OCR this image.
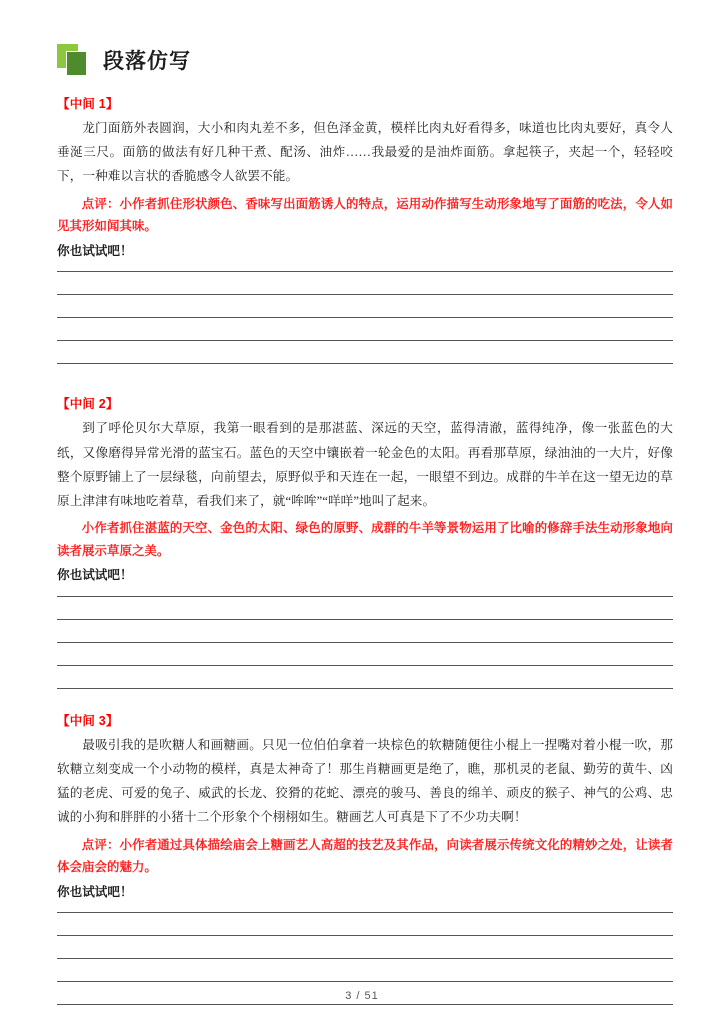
段落仿写
【中间 1】

龙门面筋外表圆润，大小和肉丸差不多，但色泽金黄，模样比肉丸好看得多，味道也比肉丸要好，真令人垂涎三尺。面筋的做法有好几种干煮、配汤、油炸……我最爱的是油炸面筋。拿起筷子，夹起一个，轻轻咬下，一种难以言状的香脆感令人欲罢不能。

点评：小作者抓住形状颜色、香味写出面筋诱人的特点，运用动作描写生动形象地写了面筋的吃法，令人如见其形如闻其味。

你也试试吧！

【中间 2】

到了呼伦贝尔大草原，我第一眼看到的是那湛蓝、深远的天空，蓝得清澈，蓝得纯净，像一张蓝色的大纸，又像磨得异常光滑的蓝宝石。蓝色的天空中镶嵌着一轮金色的太阳。再看那草原，绿油油的一大片，好像整个原野铺上了一层绿毯，向前望去，原野似乎和天连在一起，一眼望不到边。成群的牛羊在这一望无边的草原上津津有味地吃着草，看我们来了，就“哞哞”“咩咩”地叫了起来。

小作者抓住湛蓝的天空、金色的太阳、绿色的原野、成群的牛羊等景物运用了比喻的修辞手法生动形象地向读者展示草原之美。

你也试试吧！

【中间 3】

最吸引我的是吹糖人和画糖画。只见一位伯伯拿着一块棕色的软糖随便往小棍上一捏嘴对着小棍一吹，那软糖立刻变成一个小动物的模样，真是太神奇了！那生肖糖画更是绝了，瞧，那机灵的老鼠、勤劳的黄牛、凶猛的老虎、可爱的兔子、威武的长龙、狡猾的花蛇、漂亮的骏马、善良的绵羊、顽皮的猴子、神气的公鸡、忠诚的小狗和胖胖的小猪十二个形象个个栩栩如生。糖画艺人可真是下了不少功夫啊！

点评：小作者通过具体描绘庙会上糖画艺人高超的技艺及其作品，向读者展示传统文化的精妙之处，让读者体会庙会的魅力。

你也试试吧！

3 / 51
